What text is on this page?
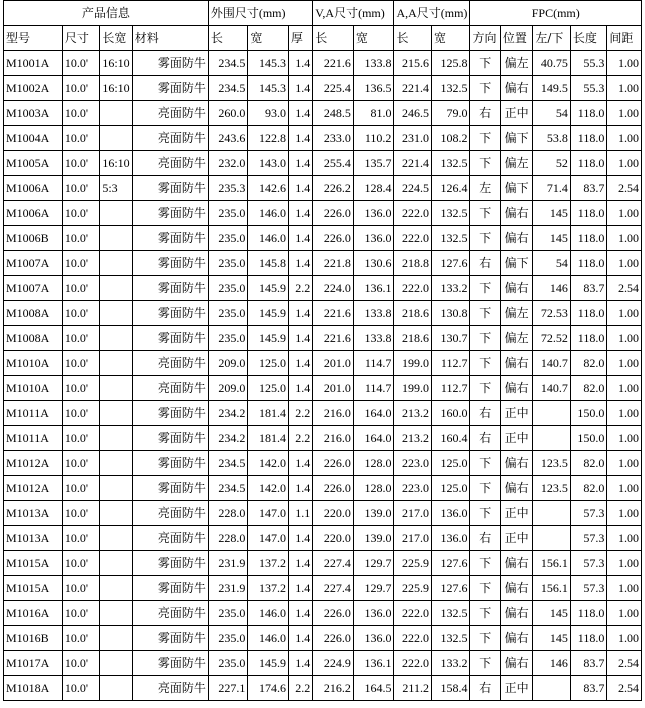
产品信息				外围尺寸(mm)			V,A尺寸(mm)		A,A尺寸(mm)		FPC(mm)				
型号	尺寸	长宽	材料	长	宽	厚	长	宽	长	宽	方向	位置	左/下	长度	间距
M1001A	10.0'	16:10	雾面防牛	234.5	145.3	1.4	221.6	133.8	215.6	125.8	下	偏左	40.75	55.3	1.00
M1002A	10.0'	16:10	雾面防牛	234.5	145.3	1.4	225.4	136.5	221.4	132.5	下	偏右	149.5	55.3	1.00
M1003A	10.0'		亮面防牛	260.0	93.0	1.4	248.5	81.0	246.5	79.0	右	正中	54	118.0	1.00
M1004A	10.0'		亮面防牛	243.6	122.8	1.4	233.0	110.2	231.0	108.2	下	偏下	53.8	118.0	1.00
M1005A	10.0'	16:10	亮面防牛	232.0	143.0	1.4	255.4	135.7	221.4	132.5	下	偏左	52	118.0	1.00
M1006A	10.0'	5:3	雾面防牛	235.3	142.6	1.4	226.2	128.4	224.5	126.4	左	偏下	71.4	83.7	2.54
M1006A	10.0'		雾面防牛	235.0	146.0	1.4	226.0	136.0	222.0	132.5	下	偏右	145	118.0	1.00
M1006B	10.0'		雾面防牛	235.0	146.0	1.4	226.0	136.0	222.0	132.5	下	偏右	145	118.0	1.00
M1007A	10.0'		雾面防牛	235.0	145.8	1.4	221.8	130.6	218.8	127.6	右	偏下	54	118.0	1.00
M1007A	10.0'		雾面防牛	235.0	145.9	2.2	224.0	136.1	222.0	133.2	下	偏右	146	83.7	2.54
M1008A	10.0'		雾面防牛	235.0	145.9	1.4	221.6	133.8	218.6	130.8	下	偏左	72.53	118.0	1.00
M1008A	10.0'		雾面防牛	235.0	145.9	1.4	221.6	133.8	218.6	130.7	下	偏左	72.52	118.0	1.00
M1010A	10.0'		亮面防牛	209.0	125.0	1.4	201.0	114.7	199.0	112.7	下	偏右	140.7	82.0	1.00
M1010A	10.0'		亮面防牛	209.0	125.0	1.4	201.0	114.7	199.0	112.7	下	偏右	140.7	82.0	1.00
M1011A	10.0'		雾面防牛	234.2	181.4	2.2	216.0	164.0	213.2	160.0	右	正中		150.0	1.00
M1011A	10.0'		雾面防牛	234.2	181.4	2.2	216.0	164.0	213.2	160.4	右	正中		150.0	1.00
M1012A	10.0'		雾面防牛	234.5	142.0	1.4	226.0	128.0	223.0	125.0	下	偏右	123.5	82.0	1.00
M1012A	10.0'		雾面防牛	234.5	142.0	1.4	226.0	128.0	223.0	125.0	下	偏右	123.5	82.0	1.00
M1013A	10.0'		亮面防牛	228.0	147.0	1.1	220.0	139.0	217.0	136.0	下	正中		57.3	1.00
M1013A	10.0'		亮面防牛	228.0	147.0	1.4	220.0	139.0	217.0	136.0	右	正中		57.3	1.00
M1015A	10.0'		雾面防牛	231.9	137.2	1.4	227.4	129.7	225.9	127.6	下	偏右	156.1	57.3	1.00
M1015A	10.0'		雾面防牛	231.9	137.2	1.4	227.4	129.7	225.9	127.6	下	偏右	156.1	57.3	1.00
M1016A	10.0'		亮面防牛	235.0	146.0	1.4	226.0	136.0	222.0	132.5	下	偏右	145	118.0	1.00
M1016B	10.0'		雾面防牛	235.0	146.0	1.4	226.0	136.0	222.0	132.5	下	偏右	145	118.0	1.00
M1017A	10.0'		雾面防牛	235.0	145.9	1.4	224.9	136.1	222.0	133.2	下	偏右	146	83.7	2.54
M1018A	10.0'		亮面防牛	227.1	174.6	2.2	216.2	164.5	211.2	158.4	右	正中		83.7	2.54
